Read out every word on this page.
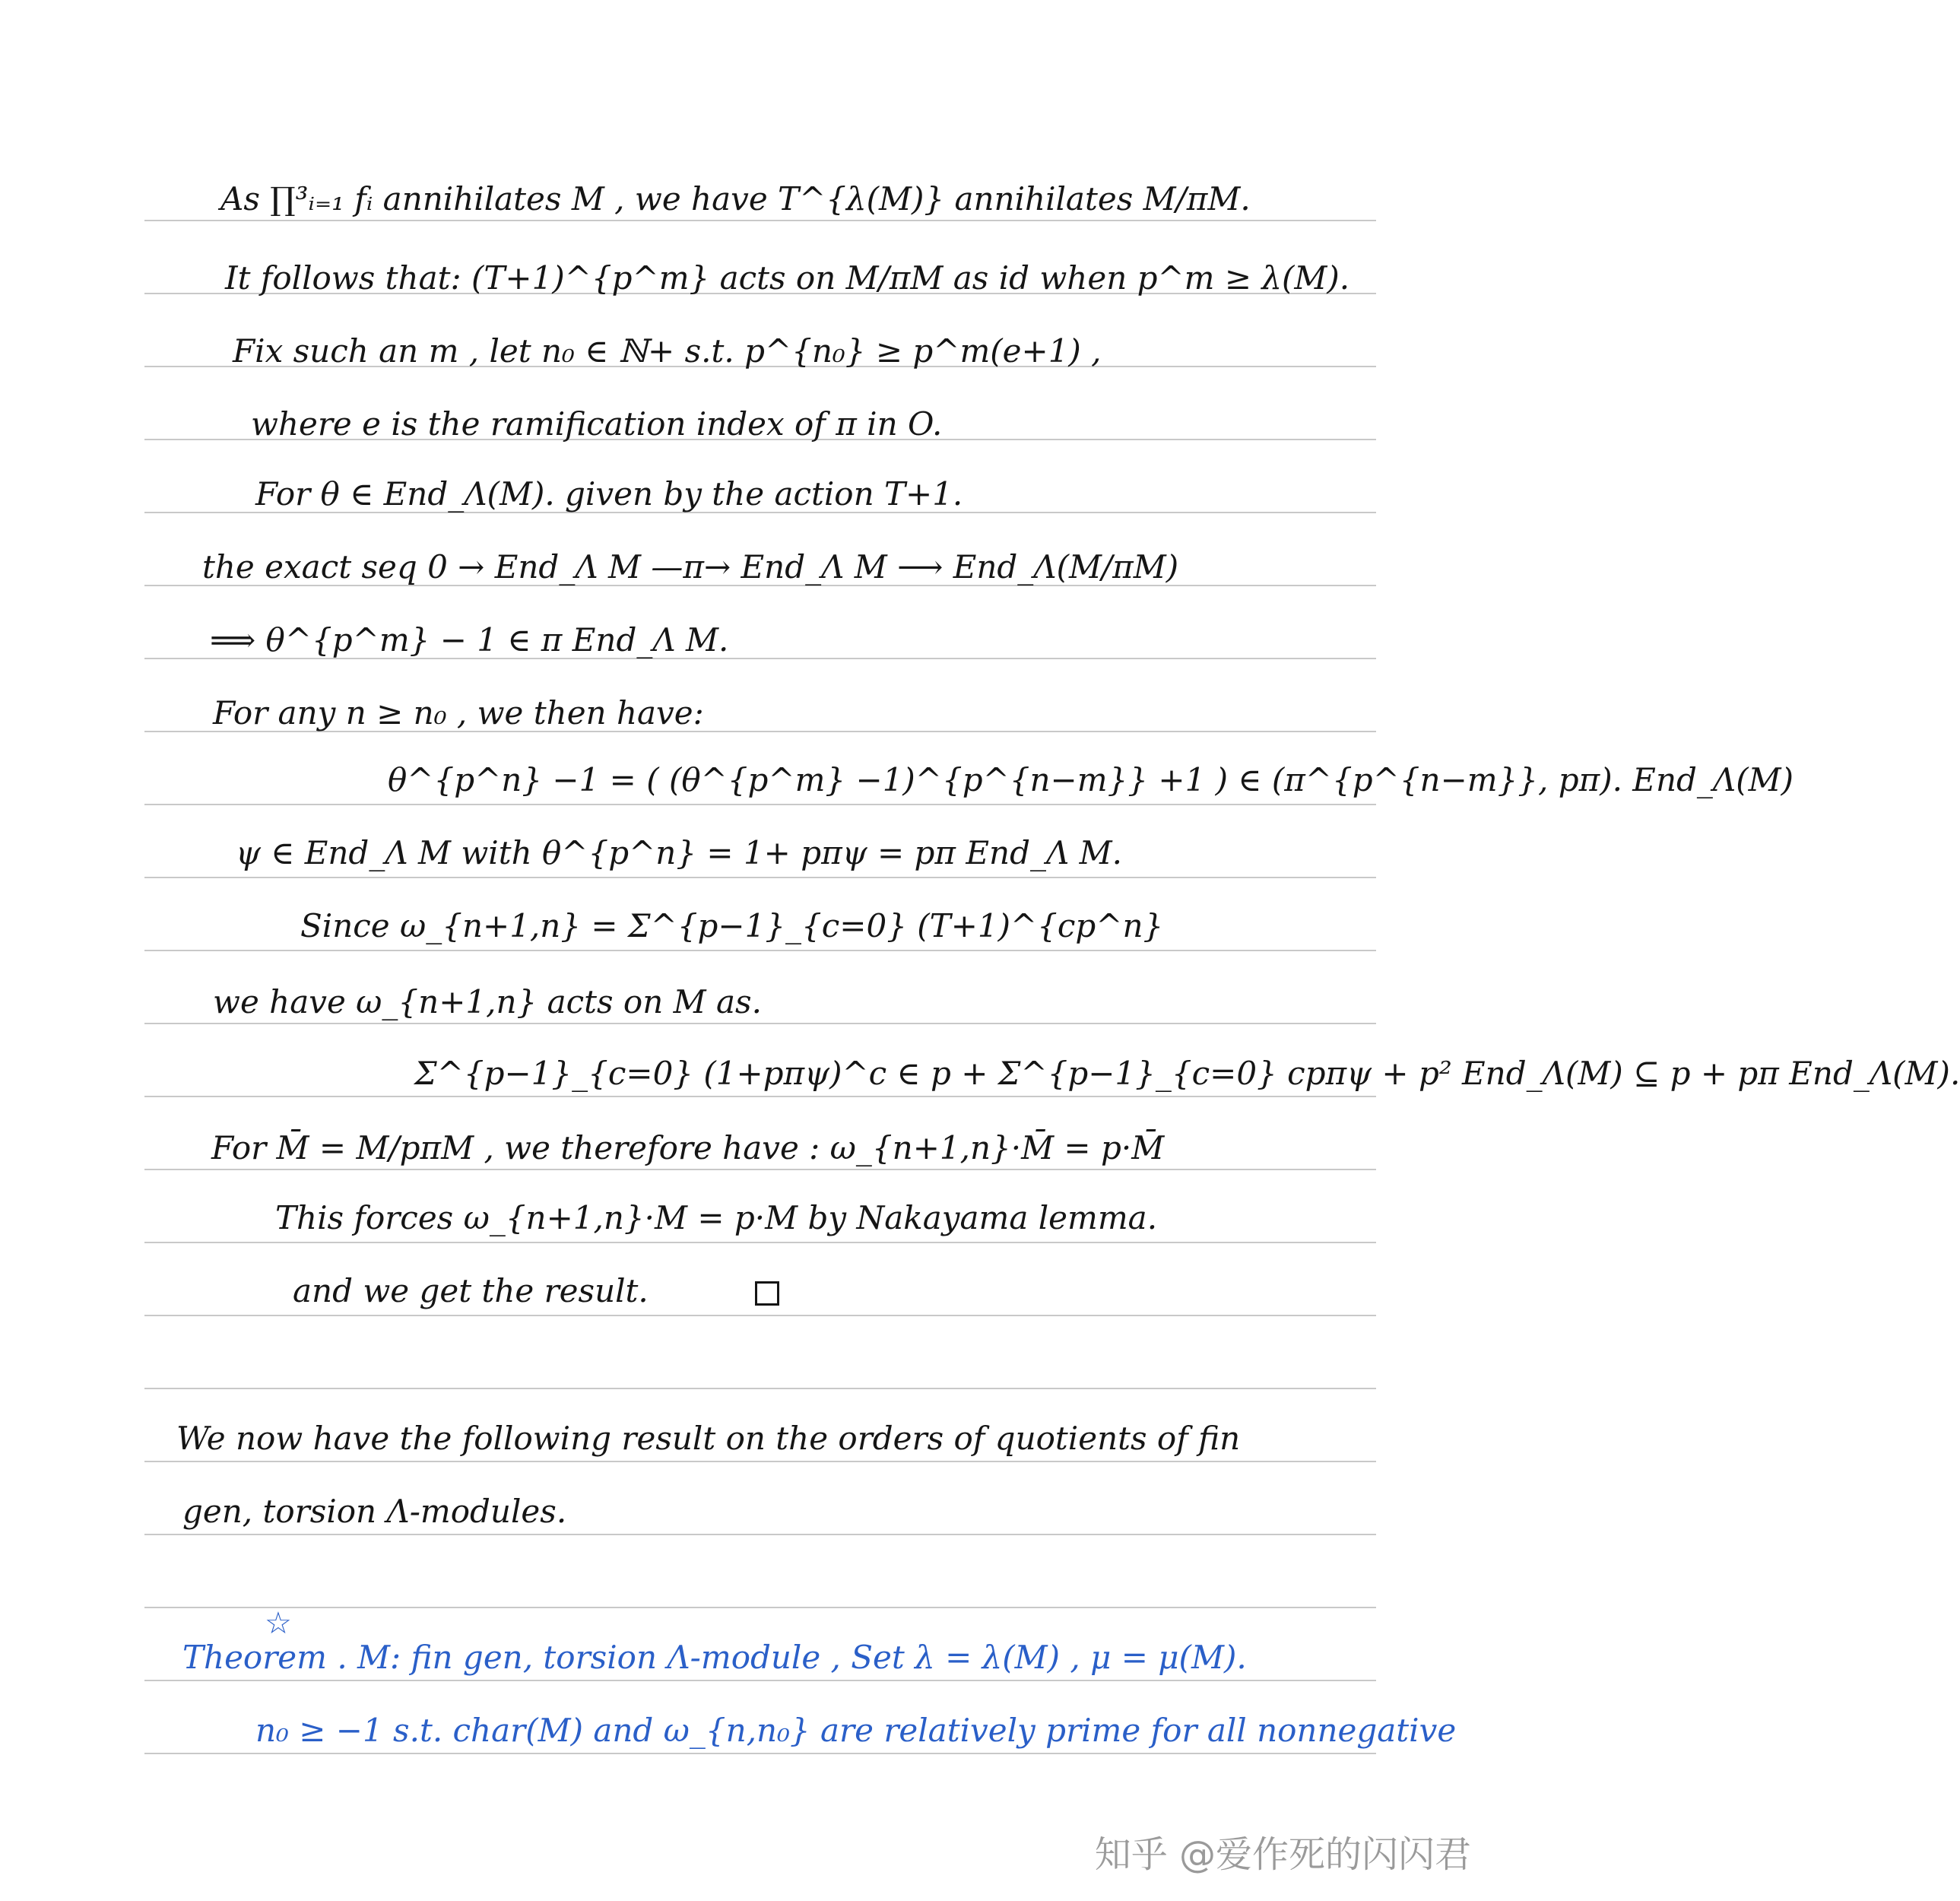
As ∏³ᵢ₌₁ fᵢ annihilates M , we have T^{λ(M)} annihilates M/πM.
It follows that: (T+1)^{p^m} acts on M/πM as id when p^m ≥ λ(M).
Fix such an m , let n₀ ∈ ℕ+ s.t. p^{n₀} ≥ p^m(e+1) ,
where e is the ramification index of π in O.
For θ ∈ End_Λ(M). given by the action T+1.
the exact seq 0 → End_Λ M —π→ End_Λ M ⟶ End_Λ(M/πM)
⟹ θ^{p^m} − 1 ∈ π End_Λ M.
For any n ≥ n₀ , we then have:
θ^{p^n} −1 = ( (θ^{p^m} −1)^{p^{n−m}} +1 ) ∈ (π^{p^{n−m}}, pπ). End_Λ(M)
ψ ∈ End_Λ M with θ^{p^n} = 1+ pπψ = pπ End_Λ M.
Since ω_{n+1,n} = Σ^{p−1}_{c=0} (T+1)^{cp^n}
we have ω_{n+1,n} acts on M as.
Σ^{p−1}_{c=0} (1+pπψ)^c ∈ p + Σ^{p−1}_{c=0} cpπψ + p² End_Λ(M) ⊆ p + pπ End_Λ(M).
For M̄ = M/pπM , we therefore have : ω_{n+1,n}·M̄ = p·M̄
This forces ω_{n+1,n}·M = p·M by Nakayama lemma.
and we get the result.
We now have the following result on the orders of quotients of fin
gen, torsion Λ-modules.
☆
Theorem . M: fin gen, torsion Λ-module , Set λ = λ(M) , μ = μ(M).
n₀ ≥ −1 s.t. char(M) and ω_{n,n₀} are relatively prime for all nonnegative
知乎 @爱作死的闪闪君
